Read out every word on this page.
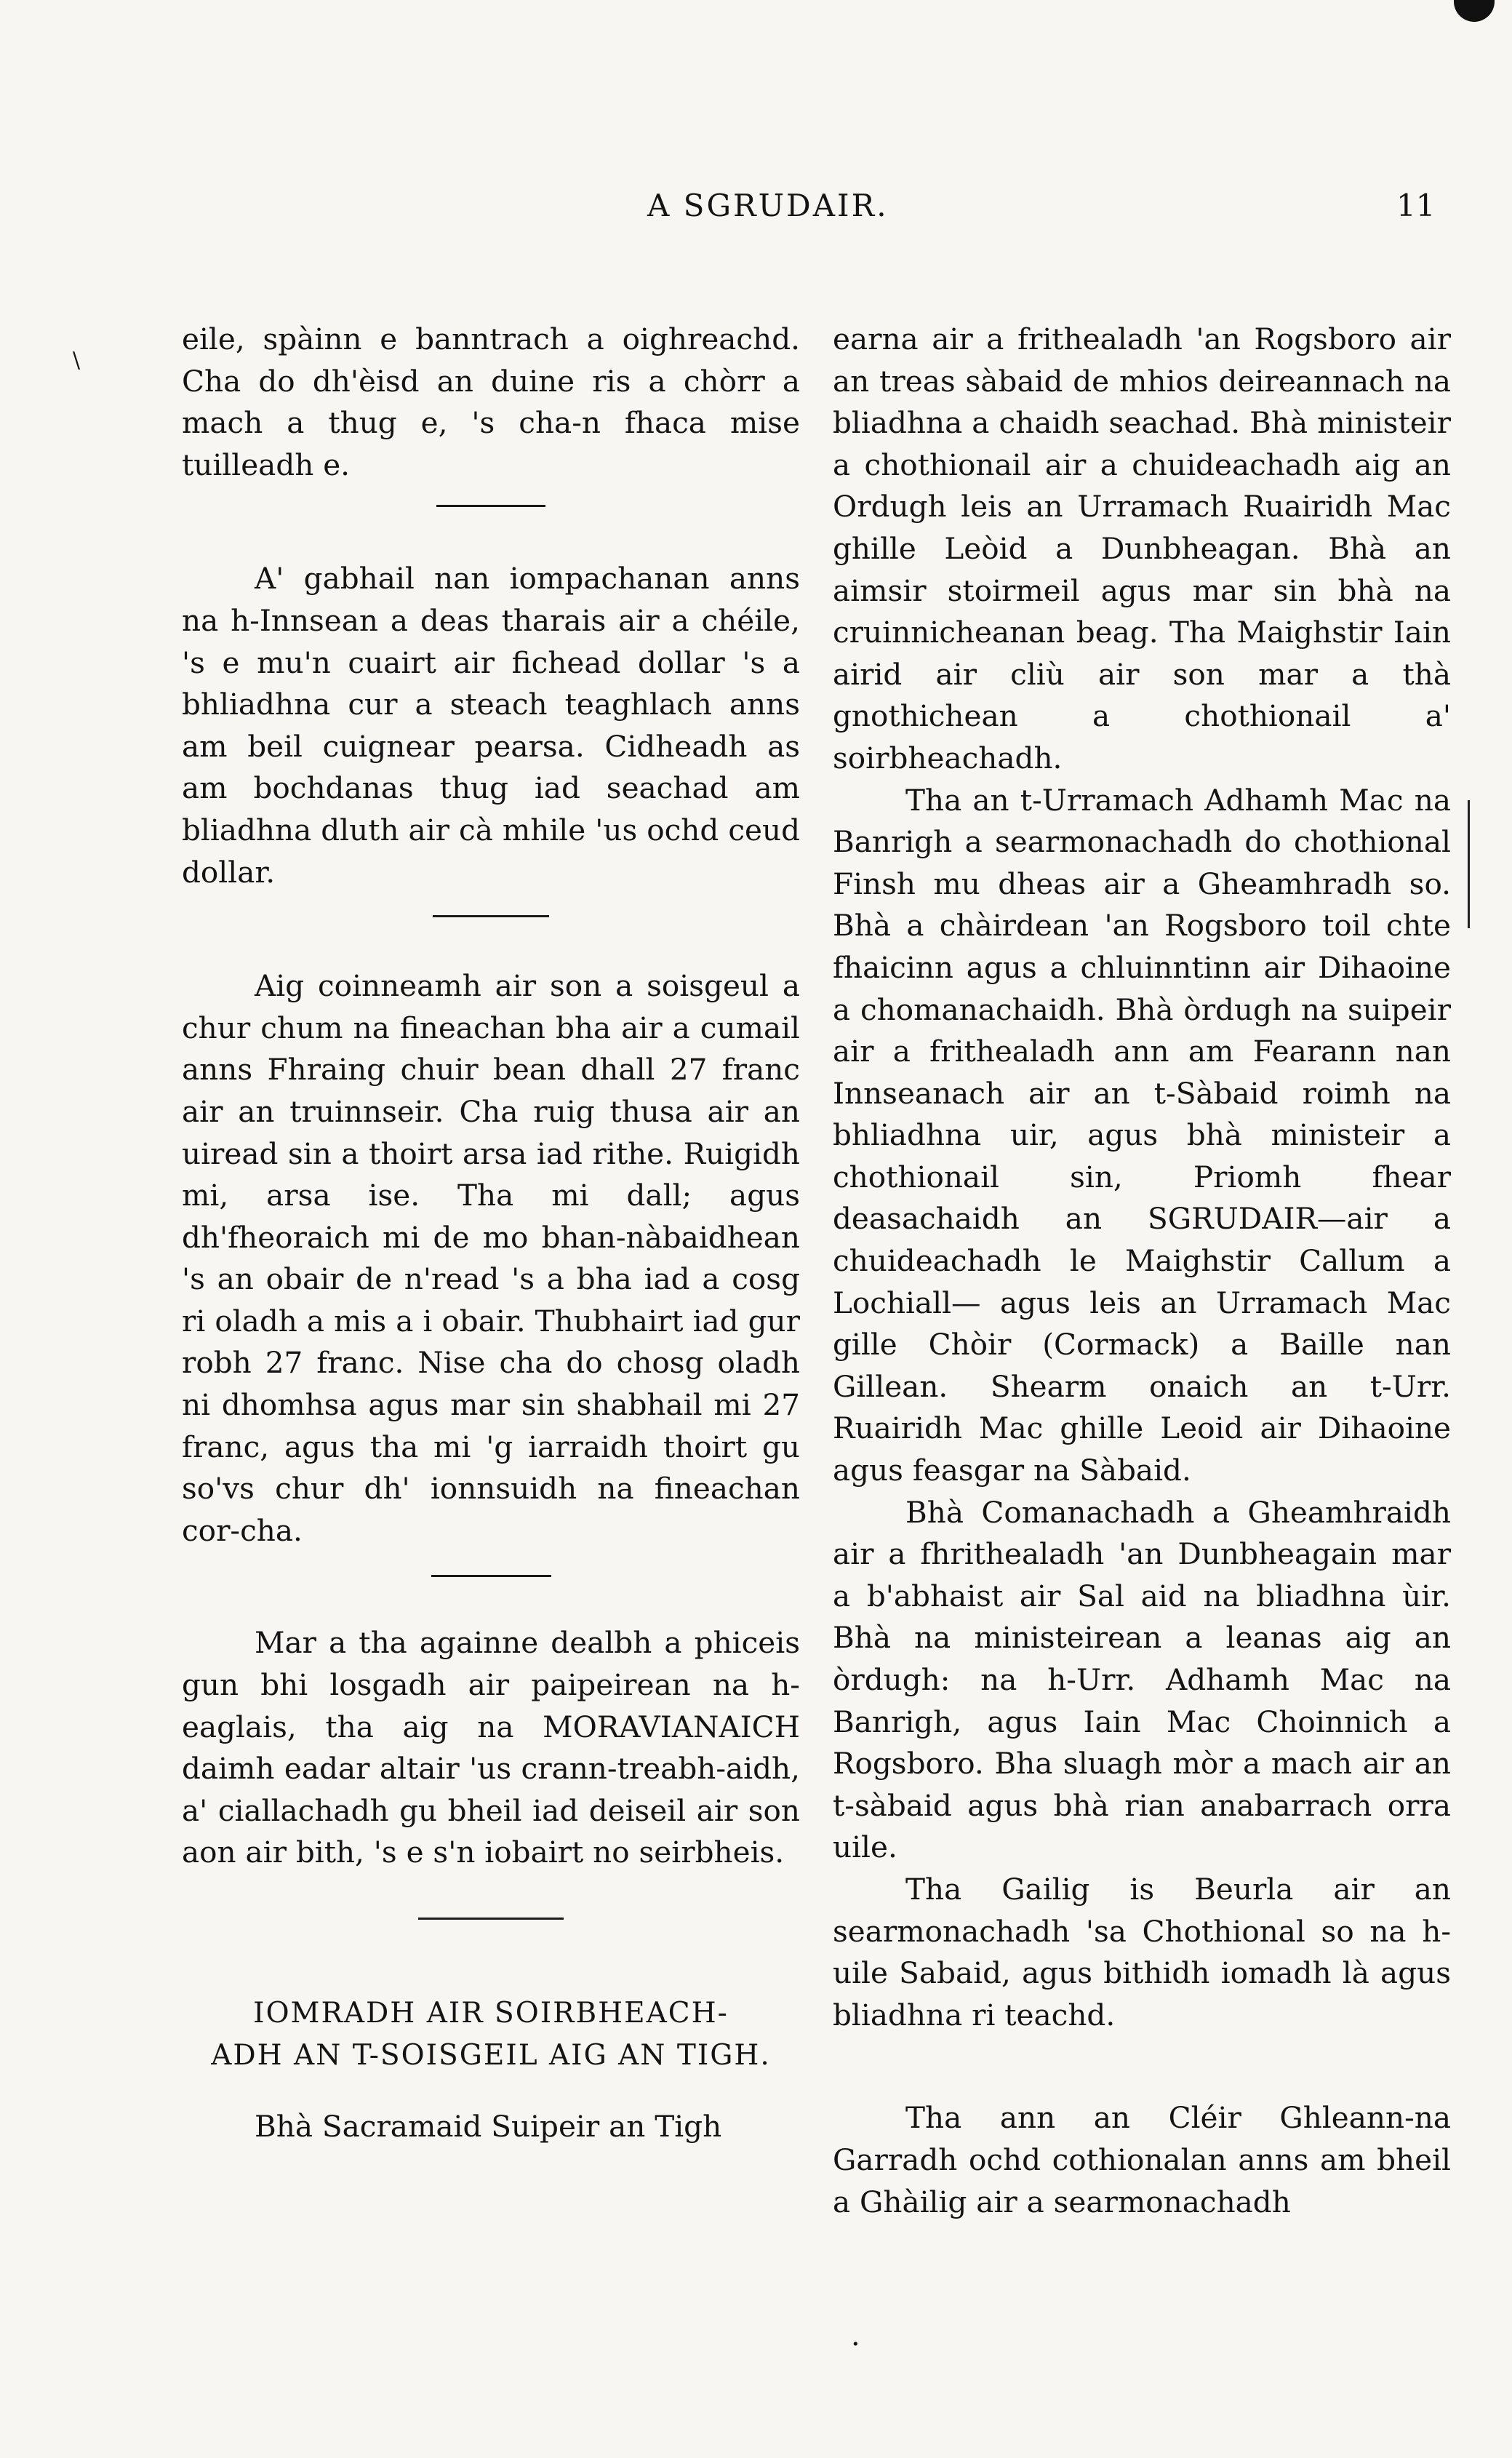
A SGRUDAIR.	11
\

eile, spàinn e banntrach a oighreachd. Cha do dh'èisd an duine ris a chòrr a mach a thug e, 's cha-n fhaca mise tuilleadh e.

A' gabhail nan iompachanan anns na h-Innsean a deas tharais air a chéile, 's e mu'n cuairt air fichead dollar 's a bhliadhna cur a steach teaghlach anns am beil cuignear pearsa. Cidheadh as am bochdanas thug iad seachad am bliadhna dluth air cà mhile 'us ochd ceud dollar.

Aig coinneamh air son a soisgeul a chur chum na fineachan bha air a cumail anns Fhraing chuir bean dhall 27 franc air an truinnseir. Cha ruig thusa air an uiread sin a thoirt arsa iad rithe. Ruigidh mi, arsa ise. Tha mi dall; agus dh'fheoraich mi de mo bhan-nàbaidhean 's an obair de n'read 's a bha iad a cosg ri oladh a mis a i obair. Thubhairt iad gur robh 27 franc. Nise cha do chosg oladh ni dhomhsa agus mar sin shabhail mi 27 franc, agus tha mi 'g iarraidh thoirt gu so'vs chur dh' ionnsuidh na fineachan cor-cha.

Mar a tha againne dealbh a phiceis gun bhi losgadh air paipeirean na h-eaglais, tha aig na MORAVIANAICH daimh eadar altair 'us crann-treabh-aidh, a' ciallachadh gu bheil iad deiseil air son aon air bith, 's e s'n iobairt no seirbheis.

IOMRADH AIR SOIRBHEACH-
ADH AN T-SOISGEIL AIG AN TIGH.

Bhà Sacramaid Suipeir an Tigh

earna air a frithealadh 'an Rogsboro air an treas sàbaid de mhios deireannach na bliadhna a chaidh seachad. Bhà ministeir a chothionail air a chuideachadh aig an Ordugh leis an Urramach Ruairidh Mac ghille Leòid a Dunbheagan. Bhà an aimsir stoirmeil agus mar sin bhà na cruinnicheanan beag. Tha Maighstir Iain airid air cliù air son mar a thà gnothichean a chothionail a' soirbheachadh.

Tha an t-Urramach Adhamh Mac na Banrigh a searmonachadh do chothional Finsh mu dheas air a Gheamhradh so. Bhà a chàirdean 'an Rogsboro toil chte fhaicinn agus a chluinntinn air Dihaoine a chomanachaidh. Bhà òrdugh na suipeir air a frithealadh ann am Fearann nan Innseanach air an t-Sàbaid roimh na bhliadhna uir, agus bhà ministeir a chothionail sin, Priomh fhear deasachaidh an SGRUDAIR—air a chuideachadh le Maighstir Callum a Lochiall— agus leis an Urramach Mac gille Chòir (Cormack) a Baille nan Gillean. Shearm onaich an t-Urr. Ruairidh Mac ghille Leoid air Dihaoine agus feasgar na Sàbaid.

Bhà Comanachadh a Gheamhraidh air a fhrithealadh 'an Dunbheagain mar a b'abhaist air Sal aid na bliadhna ùir. Bhà na ministeirean a leanas aig an òrdugh: na h-Urr. Adhamh Mac na Banrigh, agus Iain Mac Choinnich a Rogsboro. Bha sluagh mòr a mach air an t-sàbaid agus bhà rian anabarrach orra uile.

Tha Gailig is Beurla air an searmonachadh 'sa Chothional so na h-uile Sabaid, agus bithidh iomadh là agus bliadhna ri teachd.

Tha ann an Cléir Ghleann-na Garradh ochd cothionalan anns am bheil a Ghàilig air a searmonachadh

·
